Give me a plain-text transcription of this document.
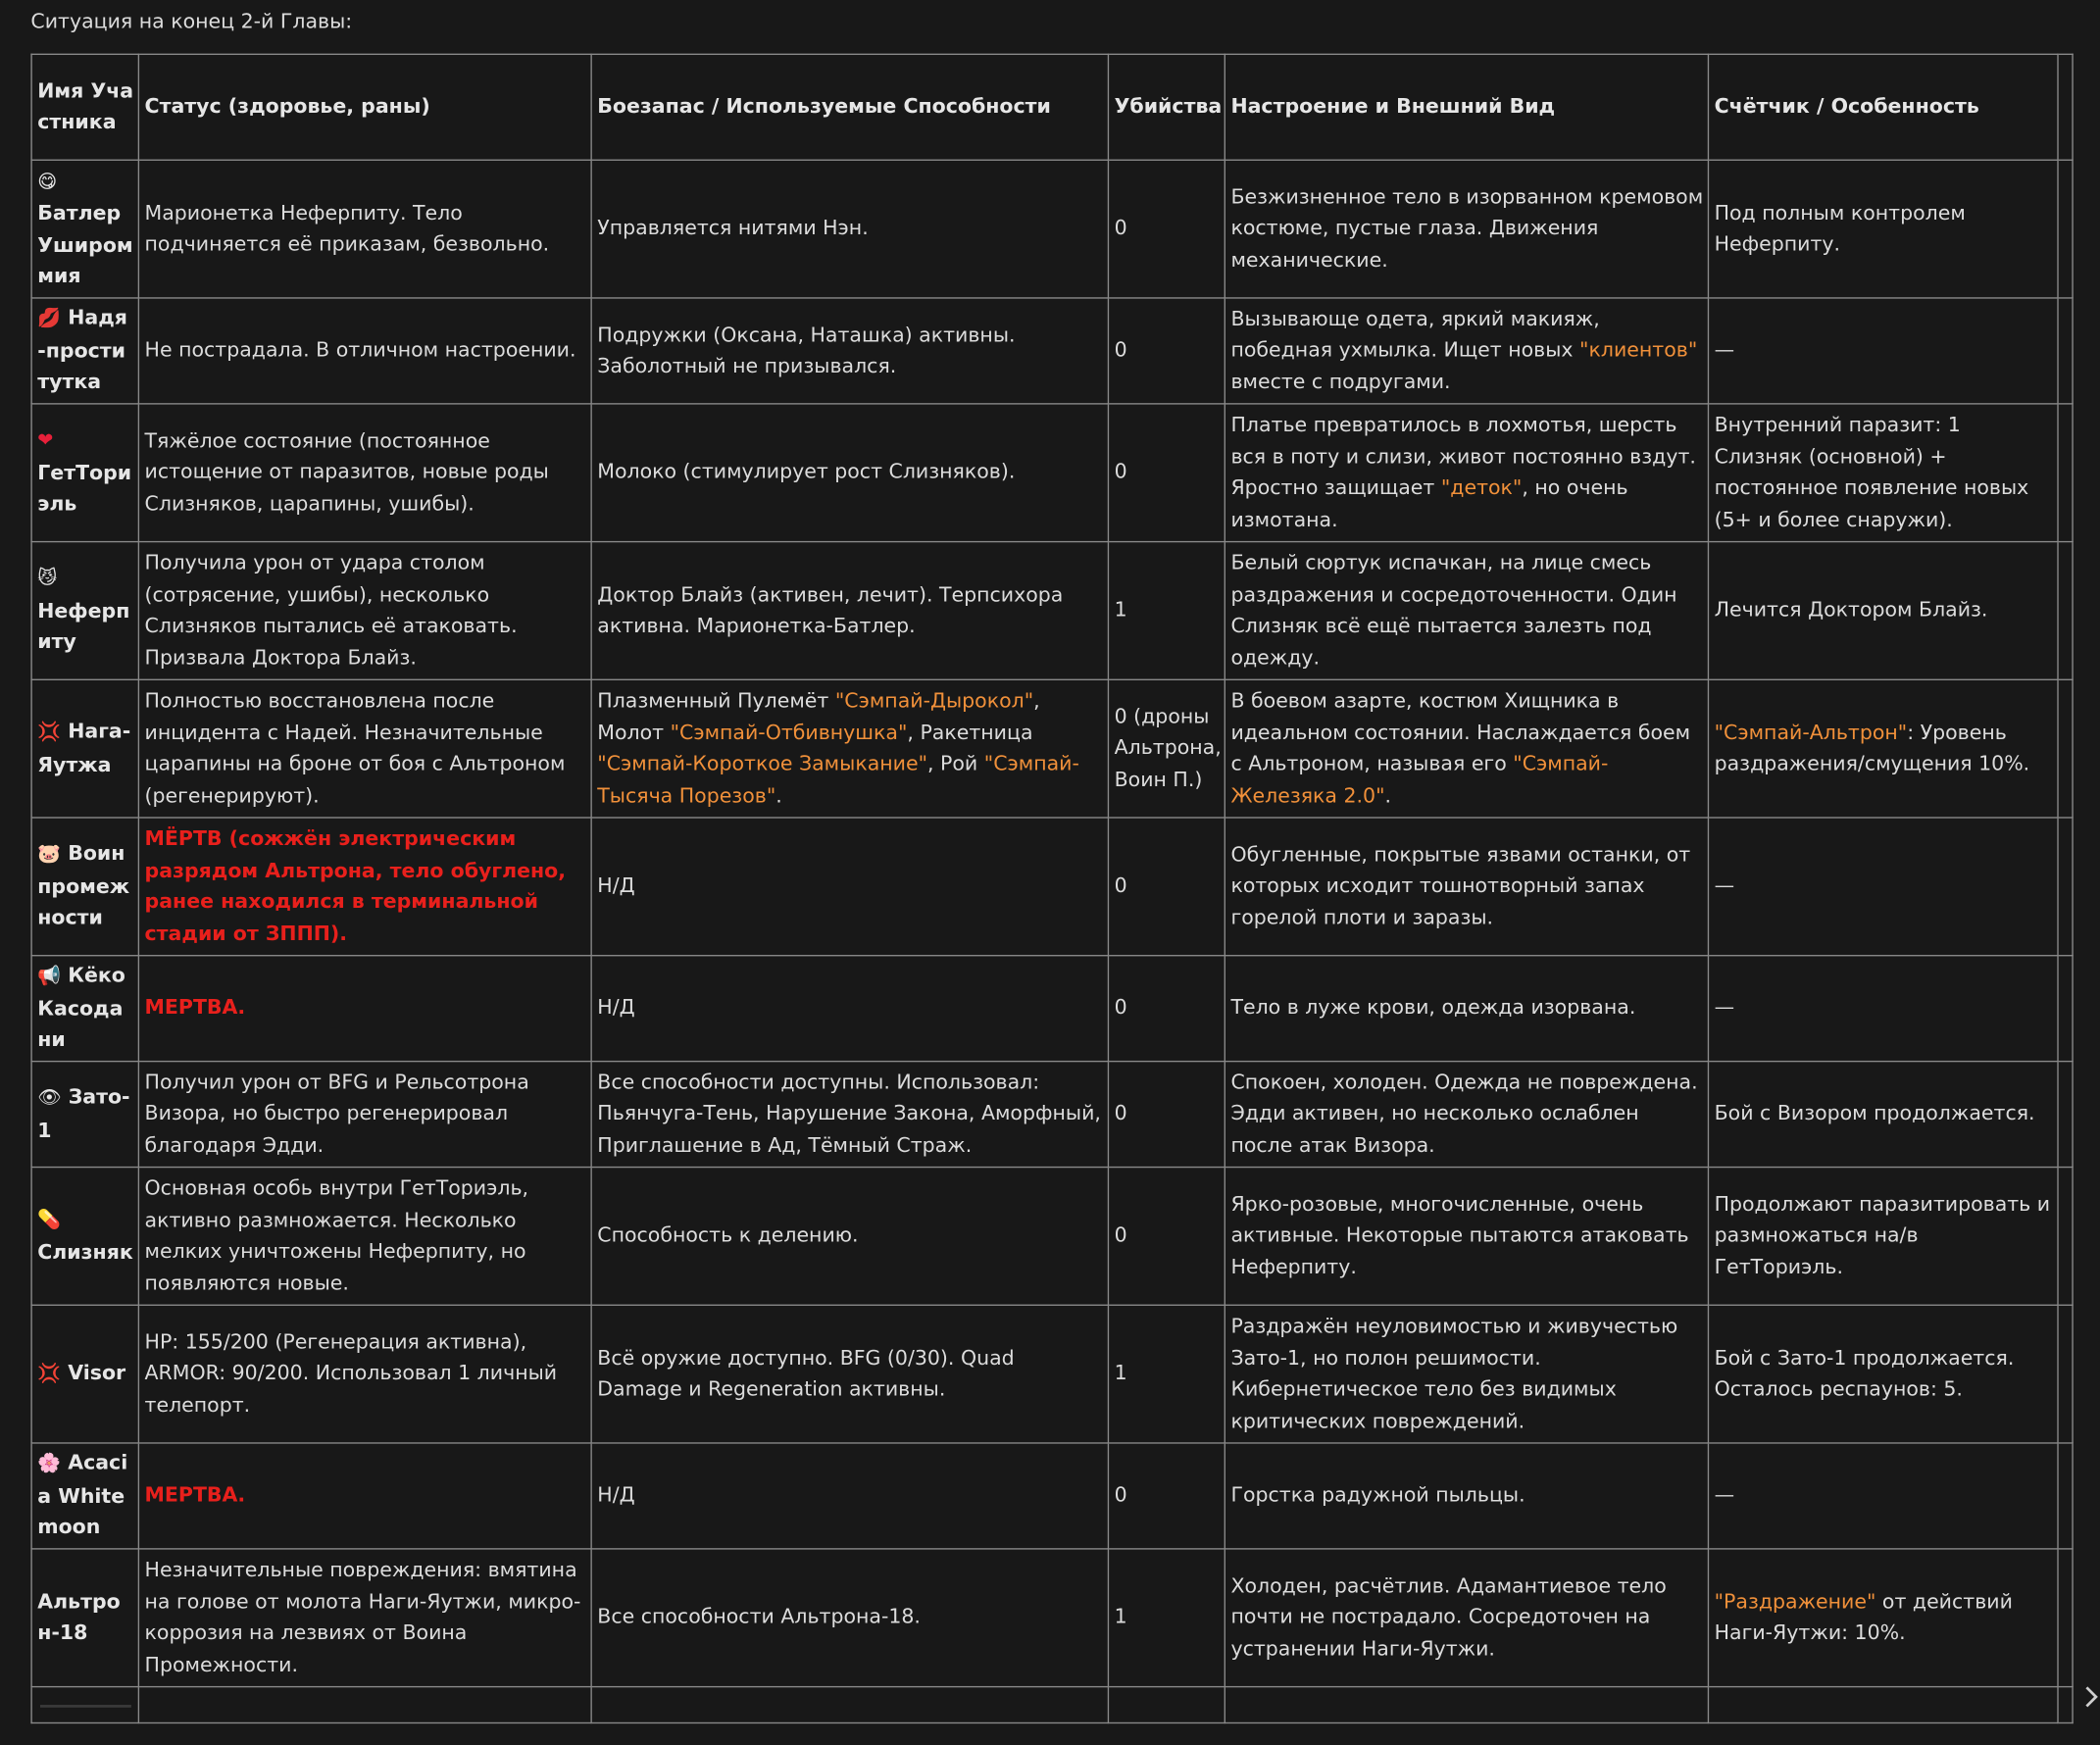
Ситуация на конец 2-й Главы:
Имя Участника	Статус (здоровье, раны)	Боезапас / Используемые Способности	Убийства	Настроение и Внешний Вид	Счётчик / Особенность	
😋
Батлер Ушироммия	Марионетка Неферпиту. Тело подчиняется её приказам, безвольно.	Управляется нитями Нэн.	0	Безжизненное тело в изорванном кремовом костюме, пустые глаза. Движения механические.	Под полным контролем Неферпиту.	
💋 Надя-проститутка	Не пострадала. В отличном настроении.	Подружки (Оксана, Наташка) активны. Заболотный не призывался.	0	Вызывающе одета, яркий макияж, победная ухмылка. Ищет новых "клиентов" вместе с подругами.	—	
❤
ГетТориэль	Тяжёлое состояние (постоянное истощение от паразитов, новые роды Слизняков, царапины, ушибы).	Молоко (стимулирует рост Слизняков).	0	Платье превратилось в лохмотья, шерсть вся в поту и слизи, живот постоянно вздут. Яростно защищает "деток", но очень измотана.	Внутренний паразит: 1 Слизняк (основной) + постоянное появление новых (5+ и более снаружи).	
😼
Неферпиту	Получила урон от удара столом (сотрясение, ушибы), несколько Слизняков пытались её атаковать. Призвала Доктора Блайз.	Доктор Блайз (активен, лечит). Терпсихора активна. Марионетка-Батлер.	1	Белый сюртук испачкан, на лице смесь раздражения и сосредоточенности. Один Слизняк всё ещё пытается залезть под одежду.	Лечится Доктором Блайз.	
💢 Нага-Яутжа	Полностью восстановлена после инцидента с Надей. Незначительные царапины на броне от боя с Альтроном (регенерируют).	Плазменный Пулемёт "Сэмпай-Дырокол", Молот "Сэмпай-Отбивнушка", Ракетница "Сэмпай-Короткое Замыкание", Рой "Сэмпай-Тысяча Порезов".	0 (дроны Альтрона, Воин П.)	В боевом азарте, костюм Хищника в идеальном состоянии. Наслаждается боем с Альтроном, называя его "Сэмпай-Железяка 2.0".	"Сэмпай-Альтрон": Уровень раздражения/смущения 10%.	
🐷 Воин промежности	МЁРТВ (сожжён электрическим разрядом Альтрона, тело обуглено, ранее находился в терминальной стадии от ЗППП).	Н/Д	0	Обугленные, покрытые язвами останки, от которых исходит тошнотворный запах горелой плоти и заразы.	—	
📢 Кёко Касодани	МЕРТВА.	Н/Д	0	Тело в луже крови, одежда изорвана.	—	
👁 Зато-1	Получил урон от BFG и Рельсотрона Визора, но быстро регенерировал благодаря Эдди.	Все способности доступны. Использовал: Пьянчуга-Тень, Нарушение Закона, Аморфный, Приглашение в Ад, Тёмный Страж.	0	Спокоен, холоден. Одежда не повреждена. Эдди активен, но несколько ослаблен после атак Визора.	Бой с Визором продолжается.	
💊
Слизняк	Основная особь внутри ГетТориэль, активно размножается. Несколько мелких уничтожены Неферпиту, но появляются новые.	Способность к делению.	0	Ярко-розовые, многочисленные, очень активные. Некоторые пытаются атаковать Неферпиту.	Продолжают паразитировать и размножаться на/в ГетТориэль.	
💢 Visor	HP: 155/200 (Регенерация активна), ARMOR: 90/200. Использовал 1 личный телепорт.	Всё оружие доступно. BFG (0/30). Quad Damage и Regeneration активны.	1	Раздражён неуловимостью и живучестью Зато-1, но полон решимости. Кибернетическое тело без видимых критических повреждений.	Бой с Зато-1 продолжается. Осталось респаунов: 5.	
🌸 Acacia Whitemoon	МЕРТВА.	Н/Д	0	Горстка радужной пыльцы.	—	
Альтрон-18	Незначительные повреждения: вмятина на голове от молота Наги-Яутжи, микро-коррозия на лезвиях от Воина Промежности.	Все способности Альтрона-18.	1	Холоден, расчётлив. Адамантиевое тело почти не пострадало. Сосредоточен на устранении Наги-Яутжи.	"Раздражение" от действий Наги-Яутжи: 10%.	
